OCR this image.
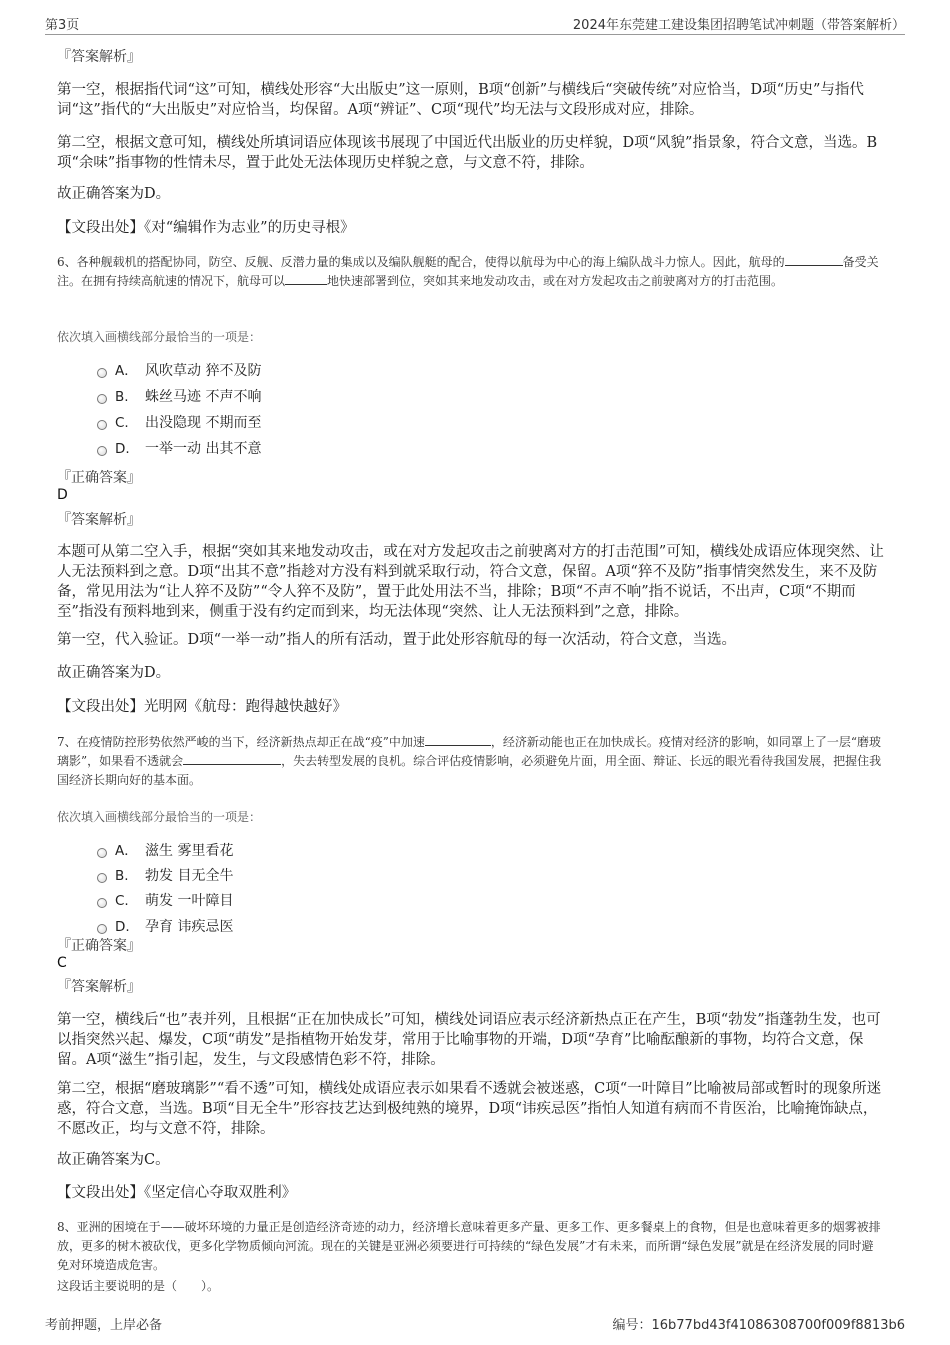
第3页	2024年东莞建工建设集团招聘笔试冲刺题（带答案解析）
『答案解析』
第一空，根据指代词“这”可知，横线处形容“大出版史”这一原则，B项“创新”与横线后“突破传统”对应恰当，D项“历史”与指代词“这”指代的“大出版史”对应恰当，均保留。A项“辨证”、C项“现代”均无法与文段形成对应，排除。
第二空，根据文意可知，横线处所填词语应体现该书展现了中国近代出版业的历史样貌，D项“风貌”指景象，符合文意，当选。B项“余味”指事物的性情未尽，置于此处无法体现历史样貌之意，与文意不符，排除。
故正确答案为D。
【文段出处】《对“编辑作为志业”的历史寻根》
6、各种舰载机的搭配协同，防空、反舰、反潜力量的集成以及编队舰艇的配合，使得以航母为中心的海上编队战斗力惊人。因此，航母的	备受关注。在拥有持续高航速的情况下，航母可以	地快速部署到位，突如其来地发动攻击，或在对方发起攻击之前驶离对方的打击范围。
依次填入画横线部分最恰当的一项是：
A． 风吹草动 猝不及防
B. 蛛丝马迹 不声不响
C. 出没隐现 不期而至
D. 一举一动 出其不意
『正确答案』
D
『答案解析』
本题可从第二空入手，根据“突如其来地发动攻击，或在对方发起攻击之前驶离对方的打击范围”可知，横线处成语应体现突然、让人无法预料到之意。D项“出其不意”指趁对方没有料到就采取行动，符合文意，保留。A项“猝不及防”指事情突然发生，来不及防备，常见用法为“让人猝不及防”“令人猝不及防”，置于此处用法不当，排除；B项“不声不响”指不说话，不出声，C项“不期而至”指没有预料地到来，侧重于没有约定而到来，均无法体现“突然、让人无法预料到”之意，排除。
第一空，代入验证。D项“一举一动”指人的所有活动，置于此处形容航母的每一次活动，符合文意，当选。
故正确答案为D。
【文段出处】光明网《航母：跑得越快越好》
7、在疫情防控形势依然严峻的当下，经济新热点却正在战“疫”中加速	，经济新动能也正在加快成长。疫情对经济的影响，如同罩上了一层“磨玻璃影”，如果看不透就会	，失去转型发展的良机。综合评估疫情影响，必须避免片面，用全面、辩证、长远的眼光看待我国发展，把握住我国经济长期向好的基本面。
依次填入画横线部分最恰当的一项是：
A． 滋生 雾里看花
B. 勃发 目无全牛
C. 萌发 一叶障目
D. 孕育 讳疾忌医
『正确答案』
C
『答案解析』
第一空，横线后“也”表并列，且根据“正在加快成长”可知，横线处词语应表示经济新热点正在产生，B项“勃发”指蓬勃生发，也可以指突然兴起、爆发，C项“萌发”是指植物开始发芽，常用于比喻事物的开端，D项“孕育”比喻酝酿新的事物，均符合文意，保留。A项“滋生”指引起，发生，与文段感情色彩不符，排除。
第二空，根据“磨玻璃影”“看不透”可知，横线处成语应表示如果看不透就会被迷惑，C项“一叶障目”比喻被局部或暂时的现象所迷惑，符合文意，当选。B项“目无全牛”形容技艺达到极纯熟的境界，D项“讳疾忌医”指怕人知道有病而不肯医治，比喻掩饰缺点，不愿改正，均与文意不符，排除。
故正确答案为C。
【文段出处】《坚定信心夺取双胜利》
8、亚洲的困境在于——破坏环境的力量正是创造经济奇迹的动力，经济增长意味着更多产量、更多工作、更多餐桌上的食物，但是也意味着更多的烟雾被排放，更多的树木被砍伐，更多化学物质倾向河流。现在的关键是亚洲必须要进行可持续的“绿色发展”才有未来，而所谓“绿色发展”就是在经济发展的同时避免对环境造成危害。
这段话主要说明的是（　　）。
考前押题，上岸必备	编号：16b77bd43f41086308700f009f8813b6
